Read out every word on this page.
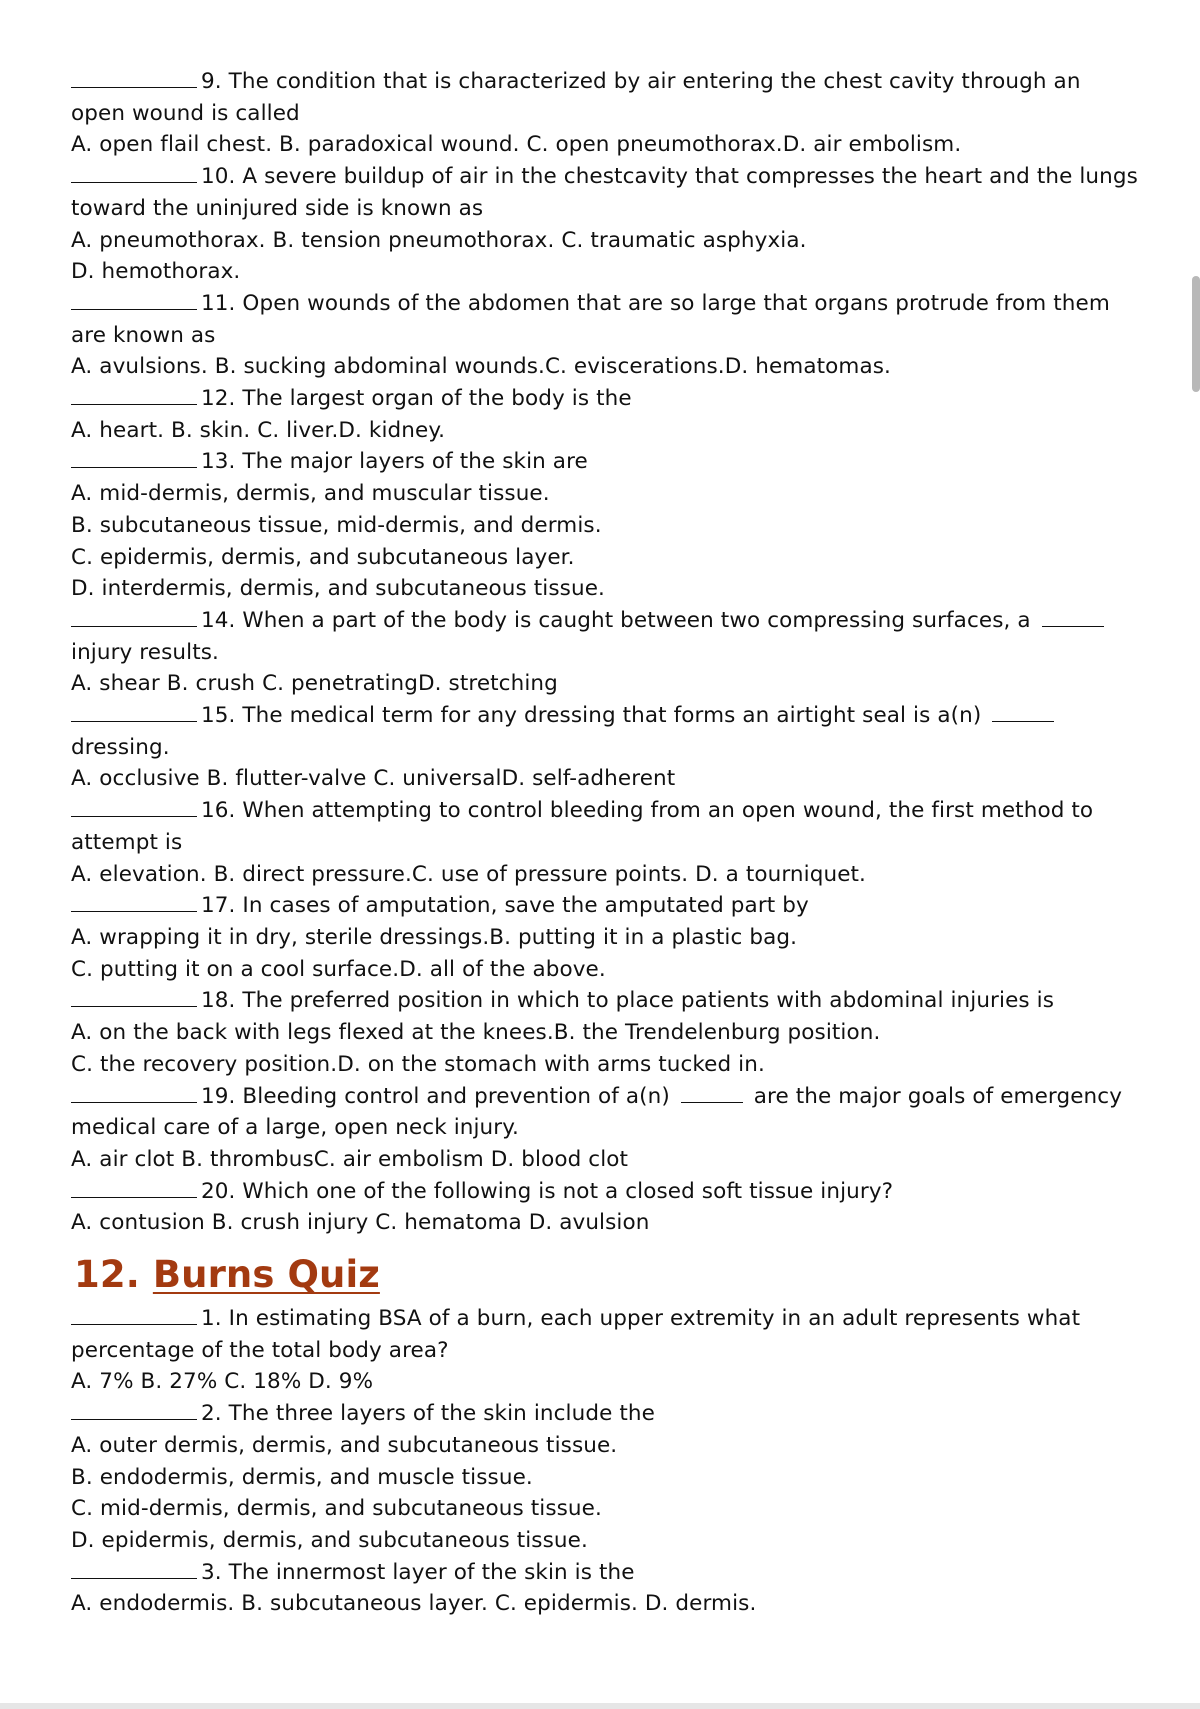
9. The condition that is characterized by air entering the chest cavity through an
open wound is called
A. open flail chest. B. paradoxical wound. C. open pneumothorax.D. air embolism.
10. A severe buildup of air in the chestcavity that compresses the heart and the lungs
toward the uninjured side is known as
A. pneumothorax. B. tension pneumothorax. C. traumatic asphyxia.
D. hemothorax.
11. Open wounds of the abdomen that are so large that organs protrude from them
are known as
A. avulsions. B. sucking abdominal wounds.C. eviscerations.D. hematomas.
12. The largest organ of the body is the
A. heart. B. skin. C. liver.D. kidney.
13. The major layers of the skin are
A. mid-dermis, dermis, and muscular tissue.
B. subcutaneous tissue, mid-dermis, and dermis.
C. epidermis, dermis, and subcutaneous layer.
D. interdermis, dermis, and subcutaneous tissue.
14. When a part of the body is caught between two compressing surfaces, a
injury results.
A. shear B. crush C. penetratingD. stretching
15. The medical term for any dressing that forms an airtight seal is a(n)
dressing.
A. occlusive B. flutter-valve C. universalD. self-adherent
16. When attempting to control bleeding from an open wound, the first method to
attempt is
A. elevation. B. direct pressure.C. use of pressure points. D. a tourniquet.
17. In cases of amputation, save the amputated part by
A. wrapping it in dry, sterile dressings.B. putting it in a plastic bag.
C. putting it on a cool surface.D. all of the above.
18. The preferred position in which to place patients with abdominal injuries is
A. on the back with legs flexed at the knees.B. the Trendelenburg position.
C. the recovery position.D. on the stomach with arms tucked in.
19. Bleeding control and prevention of a(n)	are the major goals of emergency
medical care of a large, open neck injury.
A. air clot B. thrombusC. air embolism D. blood clot
20. Which one of the following is not a closed soft tissue injury?
A. contusion B. crush injury C. hematoma D. avulsion
12. Burns Quiz
1. In estimating BSA of a burn, each upper extremity in an adult represents what
percentage of the total body area?
A. 7% B. 27% C. 18% D. 9%
2. The three layers of the skin include the
A. outer dermis, dermis, and subcutaneous tissue.
B. endodermis, dermis, and muscle tissue.
C. mid-dermis, dermis, and subcutaneous tissue.
D. epidermis, dermis, and subcutaneous tissue.
3. The innermost layer of the skin is the
A. endodermis. B. subcutaneous layer. C. epidermis. D. dermis.
